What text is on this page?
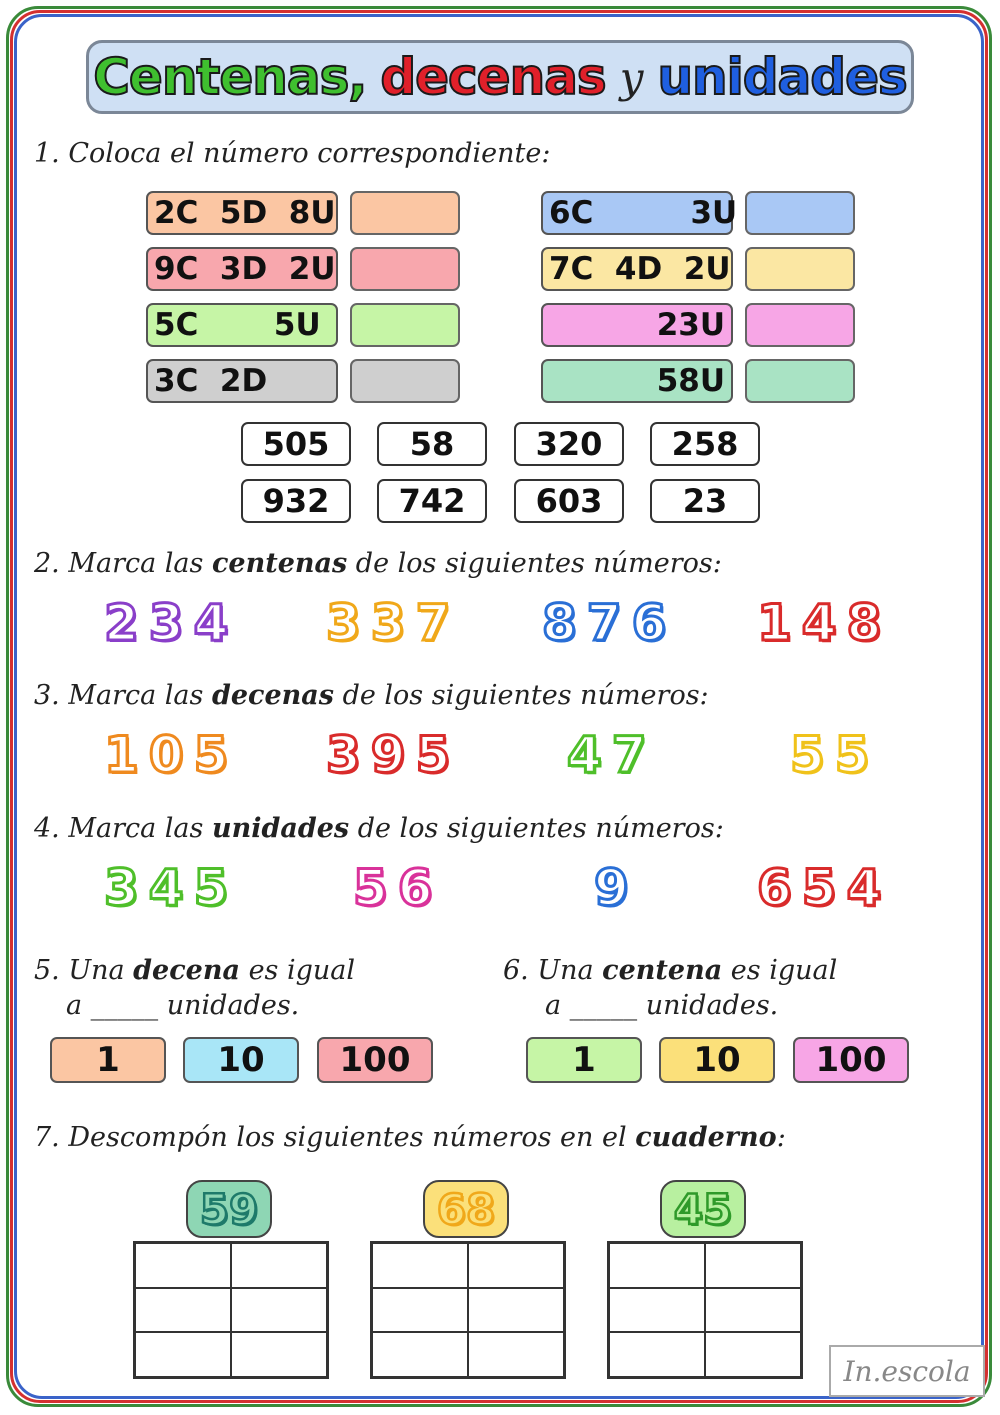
Centenas, decenas y unidades
1. Coloca el número correspondiente:
2C  5D  8U
9C  3D  2U
5C       5U
3C  2D
6C         3U
7C  4D  2U
23U
58U
505	58	320	258
932	742	603	23
2. Marca las centenas de los siguientes números:
2 3 4 3 3 7 8 7 6 1 4 8
3. Marca las decenas de los siguientes números:
1 0 5 3 9 5 4 7	5 5
4. Marca las unidades de los siguientes números:
3 4 5 5 6	9	6 5 4
5. Una decena es igual
a _____ unidades.
1	10	100
6. Una centena es igual
a _____ unidades.
1	10	100
7. Descompón los siguientes números en el cuaderno:
59	68	45
In.escola
